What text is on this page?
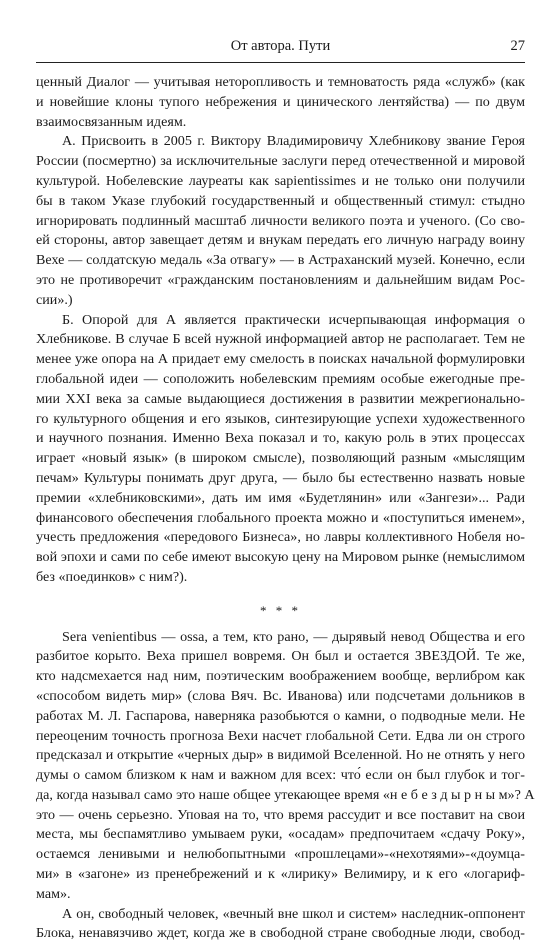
От автора. Пути	27
ценный Диалог — учитывая неторопливость и темноватость ряда «служб» (как
и новейшие клоны тупого небрежения и цинического лентяйства) — по двум
взаимосвязанным идеям.
А. Присвоить в 2005 г. Виктору Владимировичу Хлебникову звание Героя
России (посмертно) за исключительные заслуги перед отечественной и мировой
культурой. Нобелевские лауреаты как sapientissimes и не только они получили
бы в таком Указе глубокий государственный и общественный стимул: стыдно
игнорировать подлинный масштаб личности великого поэта и ученого. (Со сво-
ей стороны, автор завещает детям и внукам передать его личную награду воину
Вехе — солдатскую медаль «За отвагу» — в Астраханский музей. Конечно, если
это не противоречит «гражданским постановлениям и дальнейшим видам Рос-
сии».)
Б. Опорой для А является практически исчерпывающая информация о
Хлебникове. В случае Б всей нужной информацией автор не располагает. Тем не
менее уже опора на А придает ему смелость в поисках начальной формулировки
глобальной идеи — соположить нобелевским премиям особые ежегодные пре-
мии XXI века за самые выдающиеся достижения в развитии межрегионально-
го культурного общения и его языков, синтезирующие успехи художественного
и научного познания. Именно Веха показал и то, какую роль в этих процессах
играет «новый язык» (в широком смысле), позволяющий разным «мыслящим
печам» Культуры понимать друг друга, — было бы естественно назвать новые
премии «хлебниковскими», дать им имя «Будетлянин» или «Зангези»... Ради
финансового обеспечения глобального проекта можно и «поступиться именем»,
учесть предложения «передового Бизнеса», но лавры коллективного Нобеля но-
вой эпохи и сами по себе имеют высокую цену на Мировом рынке (немыслимом
без «поединков» с ним?).
* * *
Sera venientibus — ossa, а тем, кто рано, — дырявый невод Общества и его
разбитое корыто. Веха пришел вовремя. Он был и остается ЗВЕЗДОЙ. Те же,
кто надсмехается над ним, поэтическим воображением вообще, верлибром как
«способом видеть мир» (слова Вяч. Вс. Иванова) или подсчетами дольников в
работах М. Л. Гаспарова, наверняка разобьются о камни, о подводные мели. Не
переоценим точность прогноза Вехи насчет глобальной Сети. Едва ли он строго
предсказал и открытие «черных дыр» в видимой Вселенной. Но не отнять у него
думы о самом близком к нам и важном для всех: что́ если он был глубок и тог-
да, когда называл само это наше общее утекающее время «н е б е з д ы р н ы м»? А
это — очень серьезно. Уповая на то, что время рассудит и все поставит на свои
места, мы беспамятливо умываем руки, «осадам» предпочитаем «сдачу Року»,
остаемся ленивыми и нелюбопытными «прошлецами»-«нехотяями»-«доумца-
ми» в «загоне» из пренебрежений и к «лирику» Велимиру, и к его «логариф-
мам».
А он, свободный человек, «вечный вне школ и систем» наследник-оппонент
Блока, ненавязчиво ждет, когда же в свободной стране свободные люди, свобод-
